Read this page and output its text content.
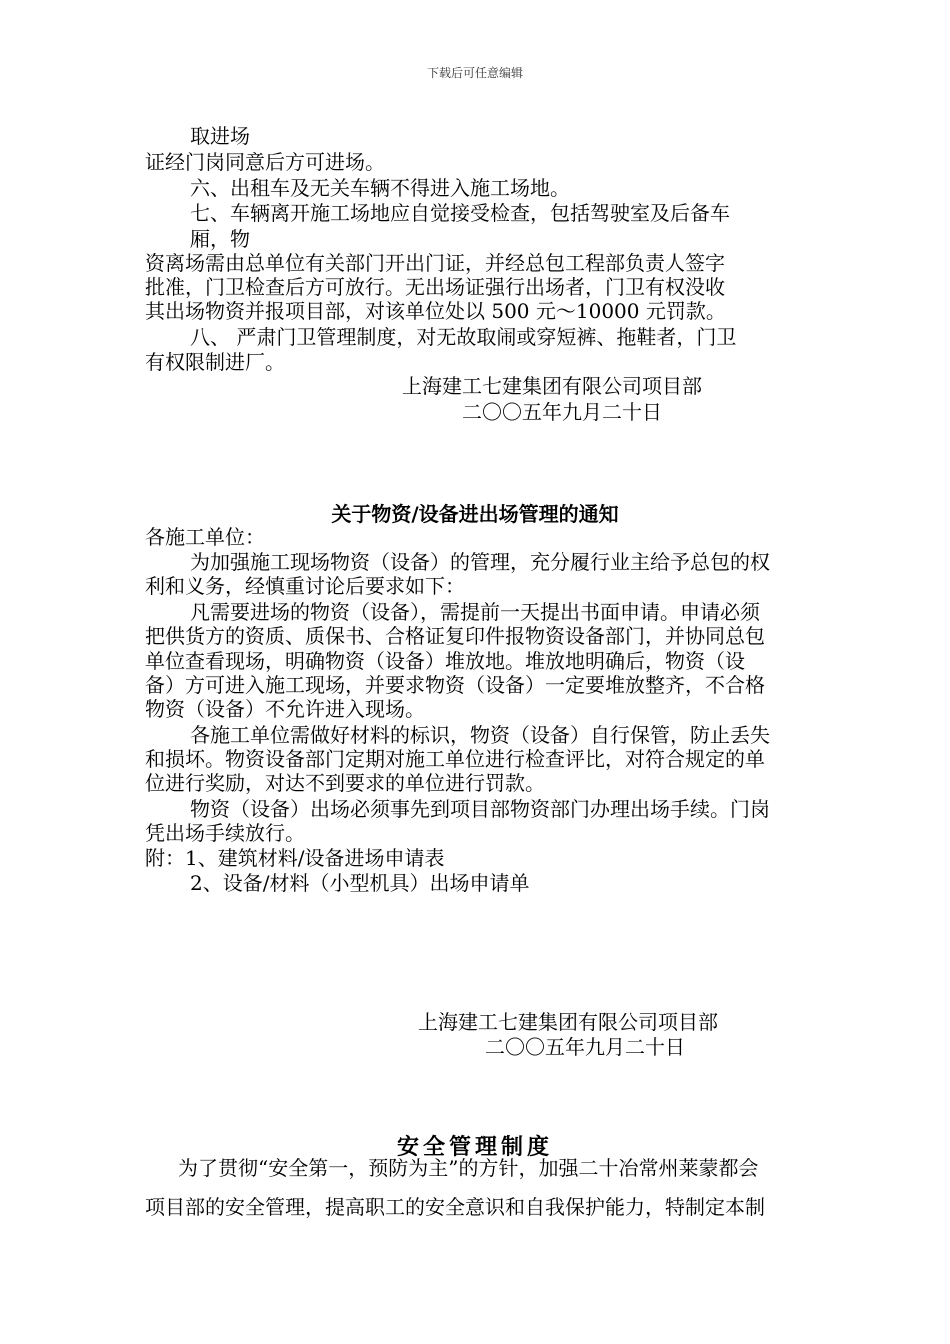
下载后可任意编辑
取进场
证经门岗同意后方可进场。
六、出租车及无关车辆不得进入施工场地。
七、车辆离开施工场地应自觉接受检查，包括驾驶室及后备车
厢，物
资离场需由总单位有关部门开出门证，并经总包工程部负责人签字
批准，门卫检查后方可放行。无出场证强行出场者，门卫有权没收
其出场物资并报项目部，对该单位处以 500 元～10000 元罚款。
八、 严肃门卫管理制度，对无故取闹或穿短裤、拖鞋者，门卫
有权限制进厂。
上海建工七建集团有限公司项目部
二〇〇五年九月二十日
关于物资/设备进出场管理的通知
各施工单位：
为加强施工现场物资（设备）的管理，充分履行业主给予总包的权
利和义务，经慎重讨论后要求如下：
凡需要进场的物资（设备），需提前一天提出书面申请。申请必须
把供货方的资质、质保书、合格证复印件报物资设备部门，并协同总包
单位查看现场，明确物资（设备）堆放地。堆放地明确后，物资（设
备）方可进入施工现场，并要求物资（设备）一定要堆放整齐，不合格
物资（设备）不允许进入现场。
各施工单位需做好材料的标识，物资（设备）自行保管，防止丢失
和损坏。物资设备部门定期对施工单位进行检查评比，对符合规定的单
位进行奖励，对达不到要求的单位进行罚款。
物资（设备）出场必须事先到项目部物资部门办理出场手续。门岗
凭出场手续放行。
附：1、建筑材料/设备进场申请表
2、设备/材料（小型机具）出场申请单
上海建工七建集团有限公司项目部
二〇〇五年九月二十日
安全管理制度
为了贯彻“安全第一，预防为主”的方针，加强二十冶常州莱蒙都会
项目部的安全管理，提高职工的安全意识和自我保护能力，特制定本制
